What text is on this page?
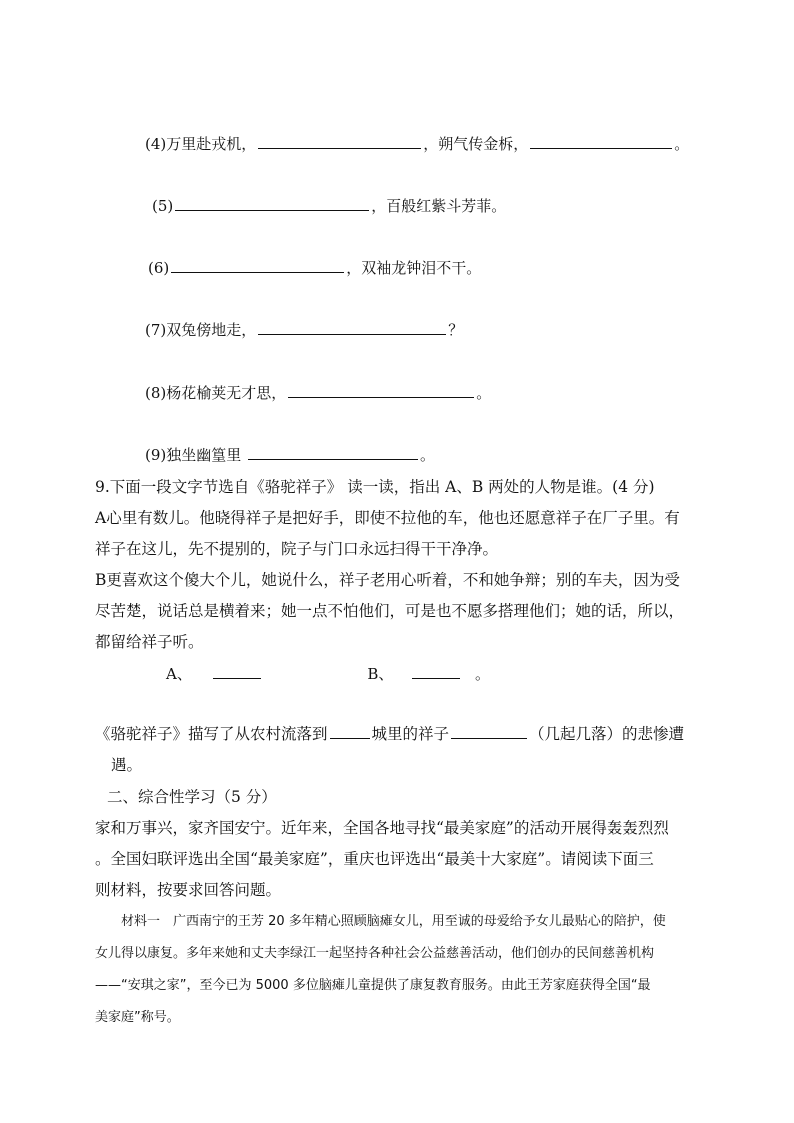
(4)万里赴戎机，	，朔气传金柝，	。
(5)	，百般红紫斗芳菲。
(6)	，双袖龙钟泪不干。
(7)双兔傍地走，	？
(8)杨花榆荚无才思，	。
(9)独坐幽篁里	。

9.下面一段文字节选自《骆驼祥子》 读一读，指出 A、B 两处的人物是谁。(4 分)

A心里有数儿。他晓得祥子是把好手，即使不拉他的车，他也还愿意祥子在厂子里。有

祥子在这儿，先不提别的，院子与门口永远扫得干干净净。

B更喜欢这个傻大个儿，她说什么，祥子老用心听着，不和她争辩；别的车夫，因为受

尽苦楚，说话总是横着来；她一点不怕他们，可是也不愿多搭理他们；她的话，所以，

都留给祥子听。

A、	B、	。

《骆驼祥子》描写了从农村流落到	城里的祥子	（几起几落）的悲惨遭

遇。

二、综合性学习（5 分）

家和万事兴，家齐国安宁。近年来，全国各地寻找“最美家庭”的活动开展得轰轰烈烈

。全国妇联评选出全国“最美家庭”，重庆也评选出“最美十大家庭”。请阅读下面三

则材料，按要求回答问题。

材料一　广西南宁的王芳 20 多年精心照顾脑瘫女儿，用至诚的母爱给予女儿最贴心的陪护，使
女儿得以康复。多年来她和丈夫李绿江一起坚持各种社会公益慈善活动，他们创办的民间慈善机构
——“安琪之家”，至今已为 5000 多位脑瘫儿童提供了康复教育服务。由此王芳家庭获得全国“最
美家庭”称号。
